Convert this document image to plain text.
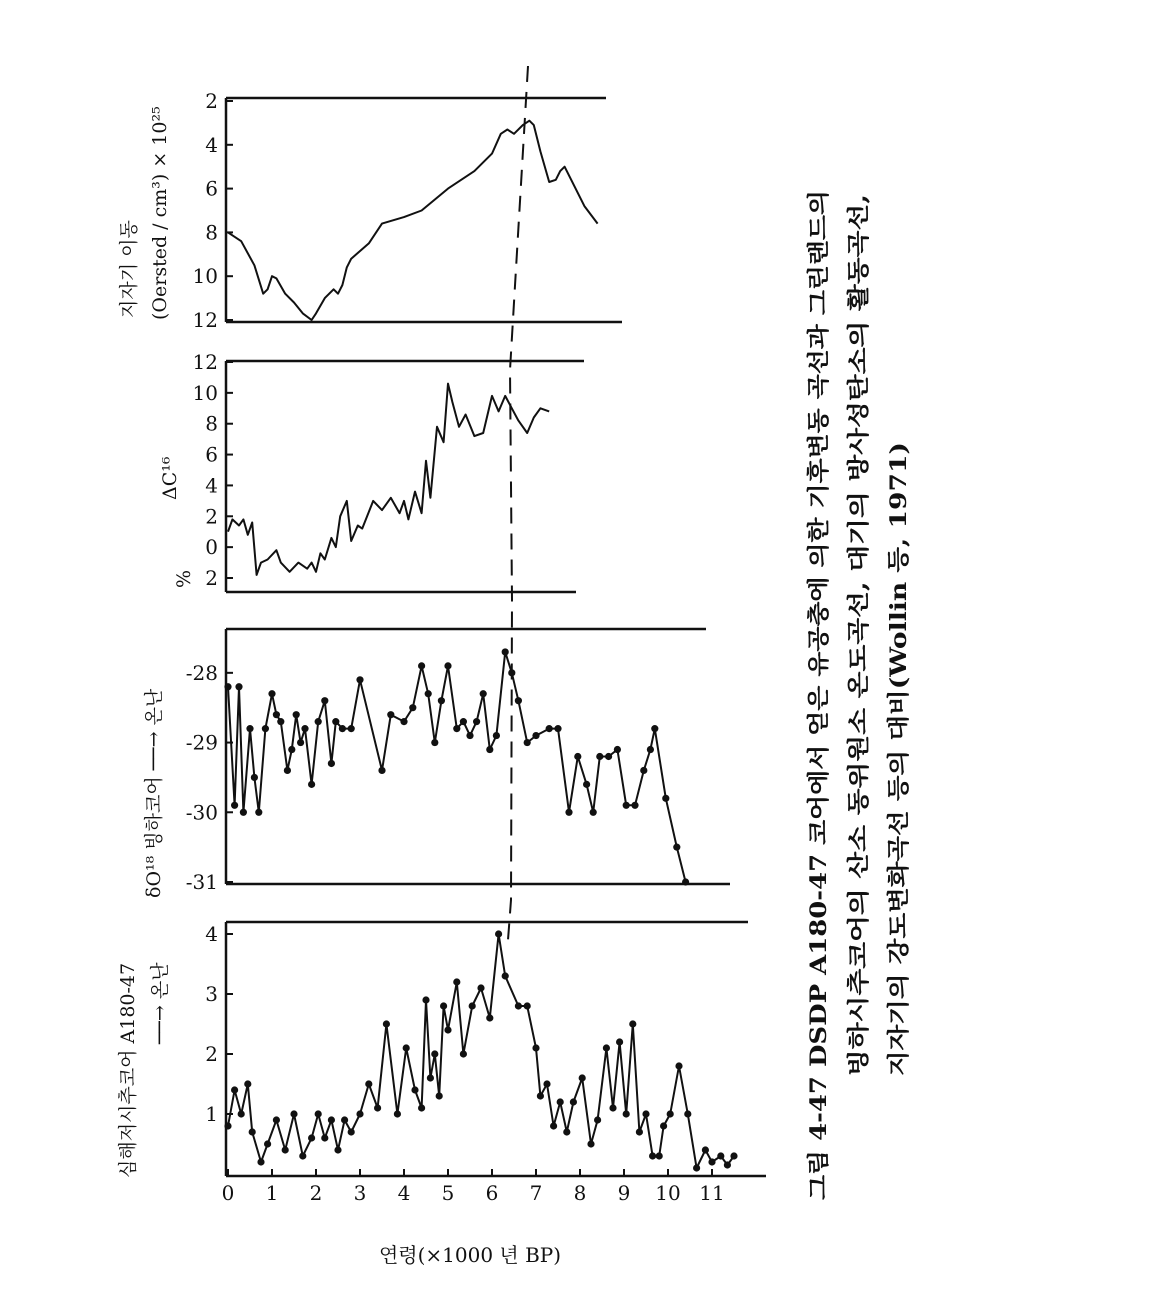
2
4
6
8
10
12
12
10
8
6
4
2
0
2
-28
-29
-30
-31
1
2
3
4
0 1 2 3 4 5 6 7 8 9 10 11
지자기 이동 (Oersted / cm³) × 10²⁵
ΔC¹⁶
%
δO¹⁸ 빙하코어 ──→ 온난
심해저시추코어 A180-47 ──→ 온난
연령(×1000 년 BP)
그림 4-47 DSDP A180-47 코어에서 얻은 유공충에 의한 기후변동 곡선과 그린랜드의 빙하시추코어의 산소 동위원소 온도곡선, 대기의 방사성탄소의 활동곡선, 지자기의 강도변화곡선 등의 대비(Wollin 등, 1971)
